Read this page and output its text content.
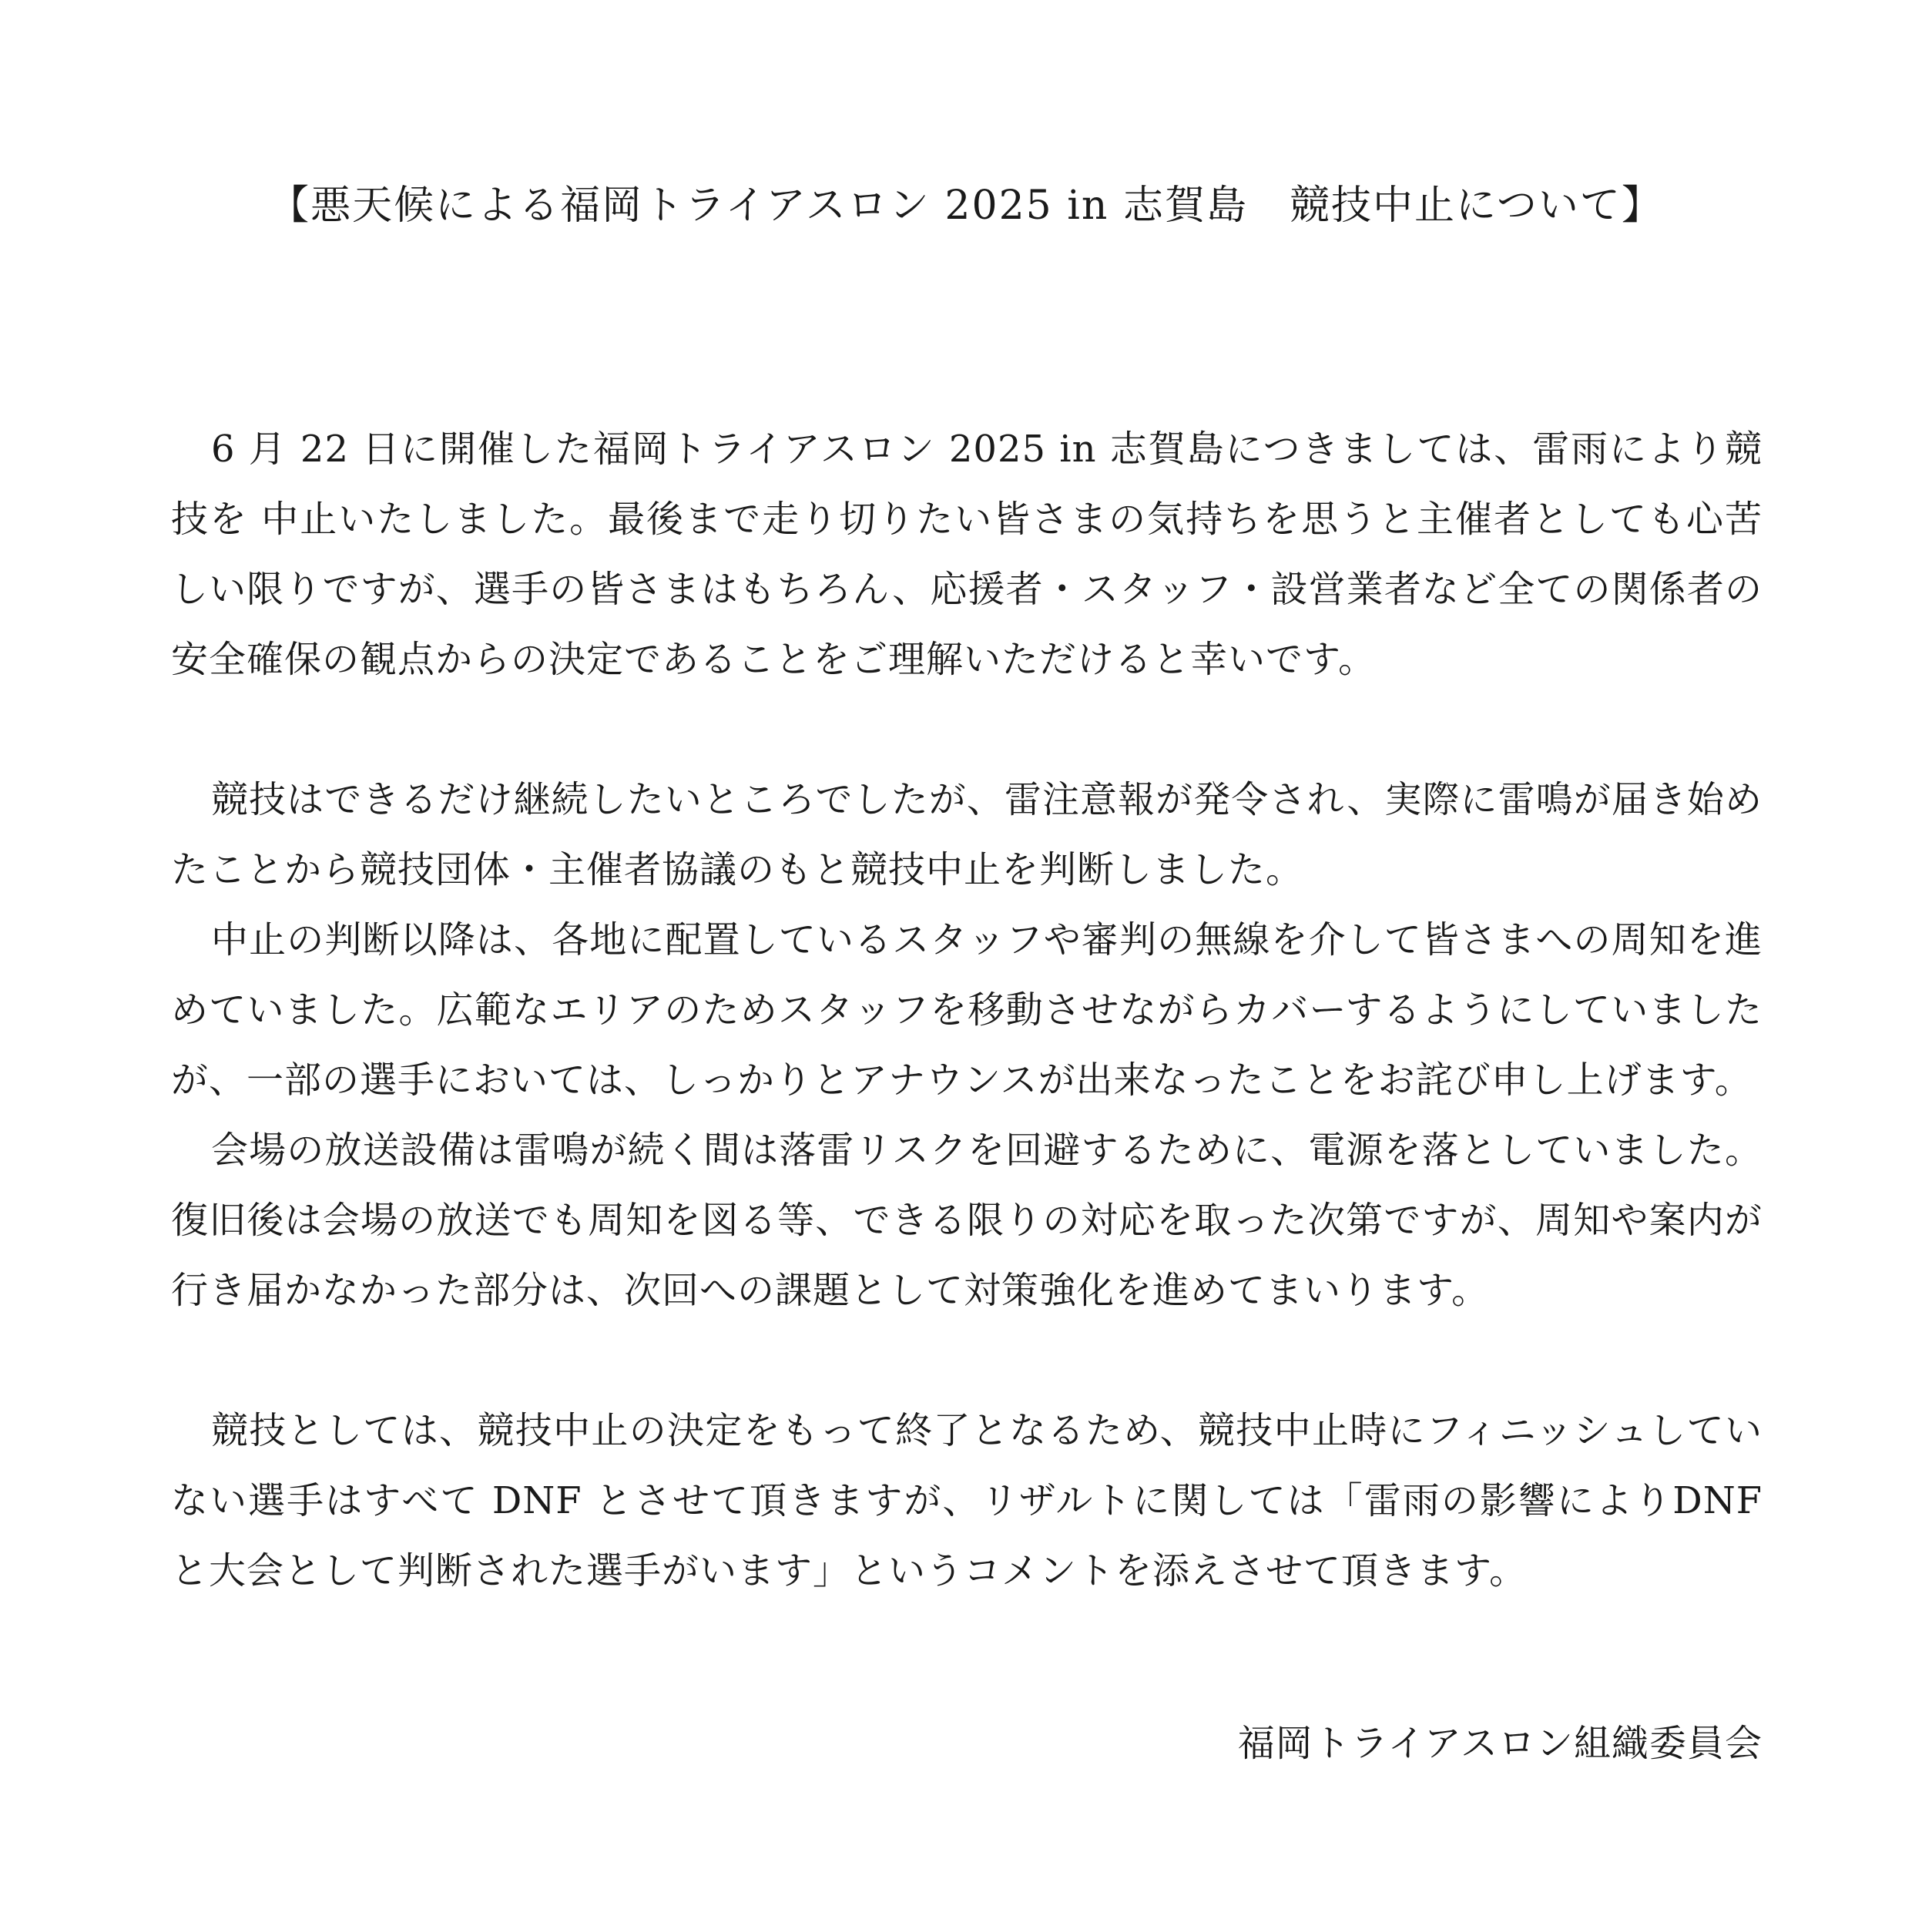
【悪天候による福岡トライアスロン 2025 in 志賀島　競技中止について】

6 月 22 日に開催した福岡トライアスロン 2025 in 志賀島につきましては、雷雨により競技を 中止いたしました。最後まで走り切りたい皆さまの気持ちを思うと主催者としても心苦しい限りですが、選手の皆さまはもちろん、応援者・スタッフ・設営業者など全ての関係者の安全確保の観点からの決定であることをご理解いただけると幸いです。

競技はできるだけ継続したいところでしたが、雷注意報が発令され、実際に雷鳴が届き始めたことから競技団体・主催者協議のもと競技中止を判断しました。

中止の判断以降は、各地に配置しているスタッフや審判の無線を介して皆さまへの周知を進めていました。広範なエリアのためスタッフを移動させながらカバーするようにしていましたが、一部の選手においては、しっかりとアナウンスが出来なったことをお詫び申し上げます。

会場の放送設備は雷鳴が続く間は落雷リスクを回避するために、電源を落としていました。復旧後は会場の放送でも周知を図る等、できる限りの対応を取った次第ですが、周知や案内が行き届かなかった部分は、次回への課題として対策強化を進めてまいります。

競技としては、競技中止の決定をもって終了となるため、競技中止時にフィニッシュしていない選手はすべて DNF とさせて頂きますが、リザルトに関しては「雷雨の影響によりDNF と大会として判断された選手がいます」というコメントを添えさせて頂きます。

福岡トライアスロン組織委員会
